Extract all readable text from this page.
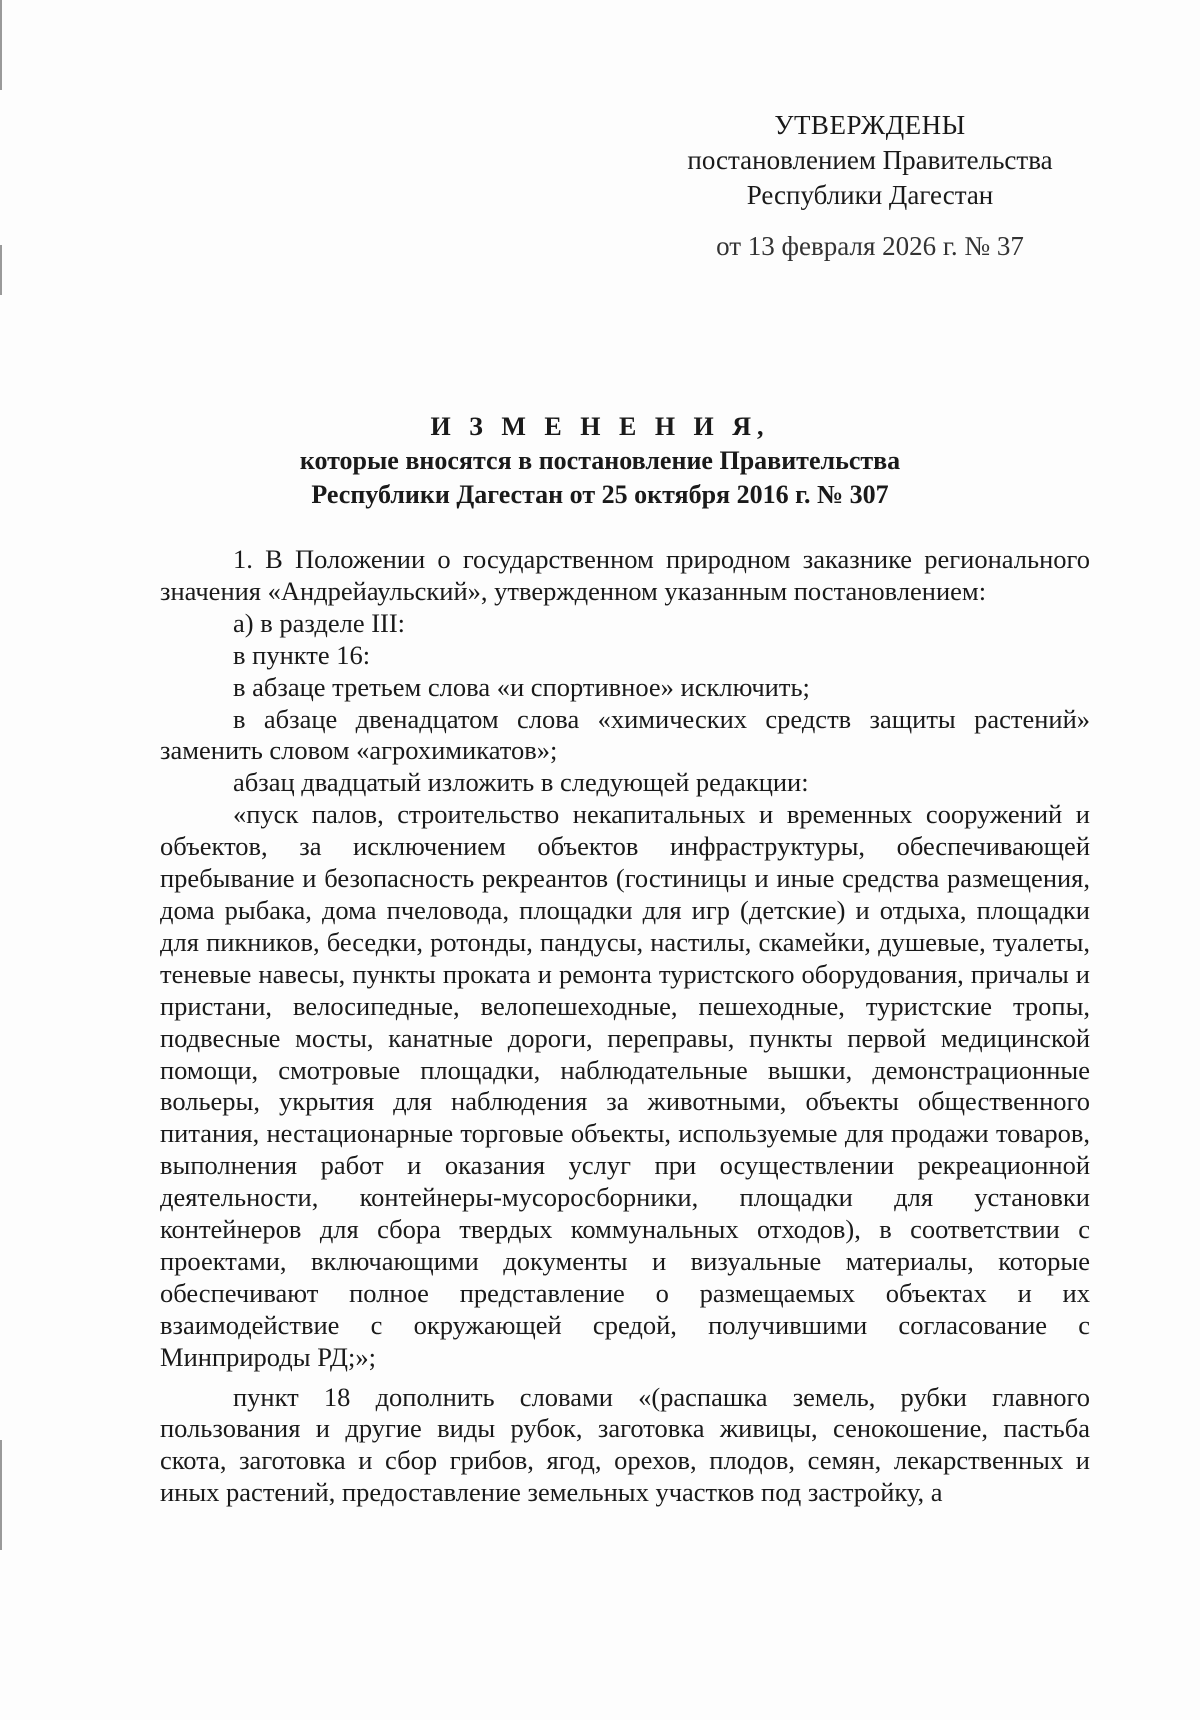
УТВЕРЖДЕНЫ
постановлением Правительства
Республики Дагестан
от 13 февраля 2026 г. № 37
И З М Е Н Е Н И Я,
которые вносятся в постановление Правительства
Республики Дагестан от 25 октября 2016 г. № 307

1. В Положении о государственном природном заказнике регионального значения «Андрейаульский», утвержденном указанным постановлением:

а) в разделе III:

в пункте 16:

в абзаце третьем слова «и спортивное» исключить;

в абзаце двенадцатом слова «химических средств защиты растений» заменить словом «агрохимикатов»;

абзац двадцатый изложить в следующей редакции:

«пуск палов, строительство некапитальных и временных сооружений и объектов, за исключением объектов инфраструктуры, обеспечивающей пребывание и безопасность рекреантов (гостиницы и иные средства размещения, дома рыбака, дома пчеловода, площадки для игр (детские) и отдыха, площадки для пикников, беседки, ротонды, пандусы, настилы, скамейки, душевые, туалеты, теневые навесы, пункты проката и ремонта туристского оборудования, причалы и пристани, велосипедные, велопешеходные, пешеходные, туристские тропы, подвесные мосты, канатные дороги, переправы, пункты первой медицинской помощи, смотровые площадки, наблюдательные вышки, демонстрационные вольеры, укрытия для наблюдения за животными, объекты общественного питания, нестационарные торговые объекты, используемые для продажи товаров, выполнения работ и оказания услуг при осуществлении рекреационной деятельности, контейнеры-мусоросборники, площадки для установки контейнеров для сбора твердых коммунальных отходов), в соответствии с проектами, включающими документы и визуальные материалы, которые обеспечивают полное представление о размещаемых объектах и их взаимодействие с окружающей средой, получившими согласование с Минприроды РД;»;

пункт 18 дополнить словами «(распашка земель, рубки главного пользования и другие виды рубок, заготовка живицы, сенокошение, пастьба скота, заготовка и сбор грибов, ягод, орехов, плодов, семян, лекарственных и иных растений, предоставление земельных участков под застройку, а
